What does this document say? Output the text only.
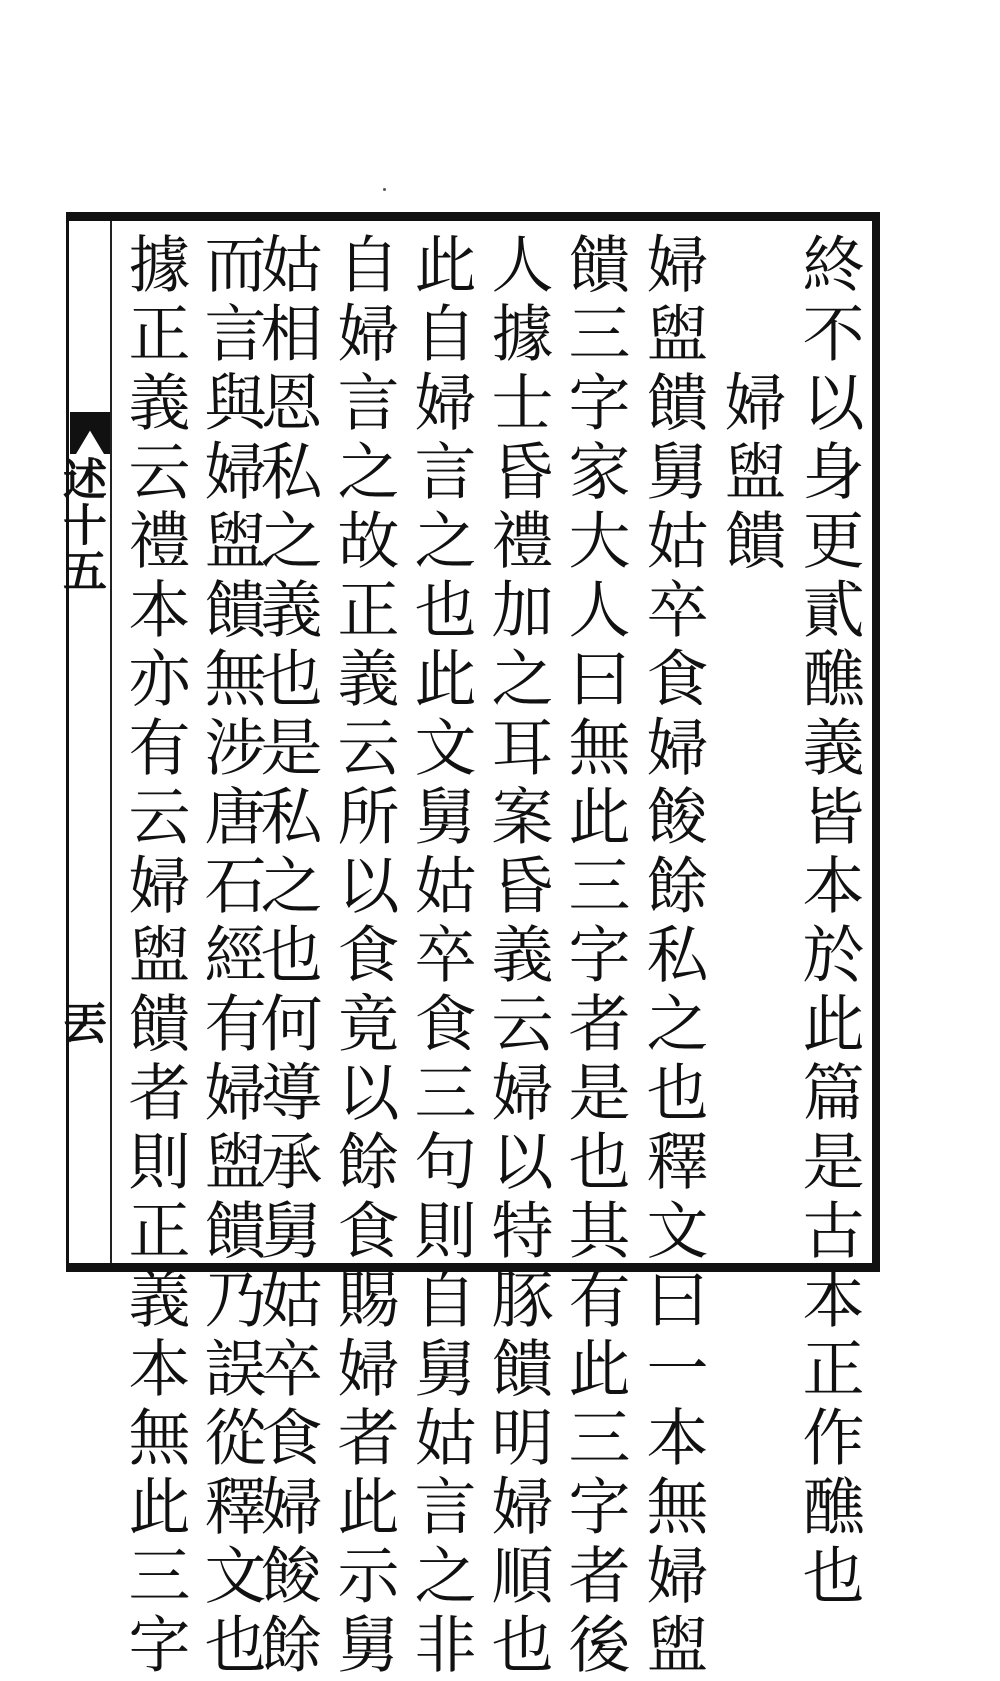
終不以身更貳醮義皆本於此篇是古本正作醮也
婦盥饋
婦盥饋舅姑卒食婦餕餘私之也釋文曰一本無婦盥
饋三字家大人曰無此三字者是也其有此三字者後
人據士昏禮加之耳案昏義云婦以特豚饋明婦順也
此自婦言之也此文舅姑卒食三句則自舅姑言之非
自婦言之故正義云所以食竟以餘食賜婦者此示舅
姑相恩私之義也是私之也何導承舅姑卒食婦餕餘
而言與婦盥饋無涉唐石經有婦盥饋乃誤從釋文也
據正義云禮本亦有云婦盥饋者則正義本無此三字
述十五
丟
